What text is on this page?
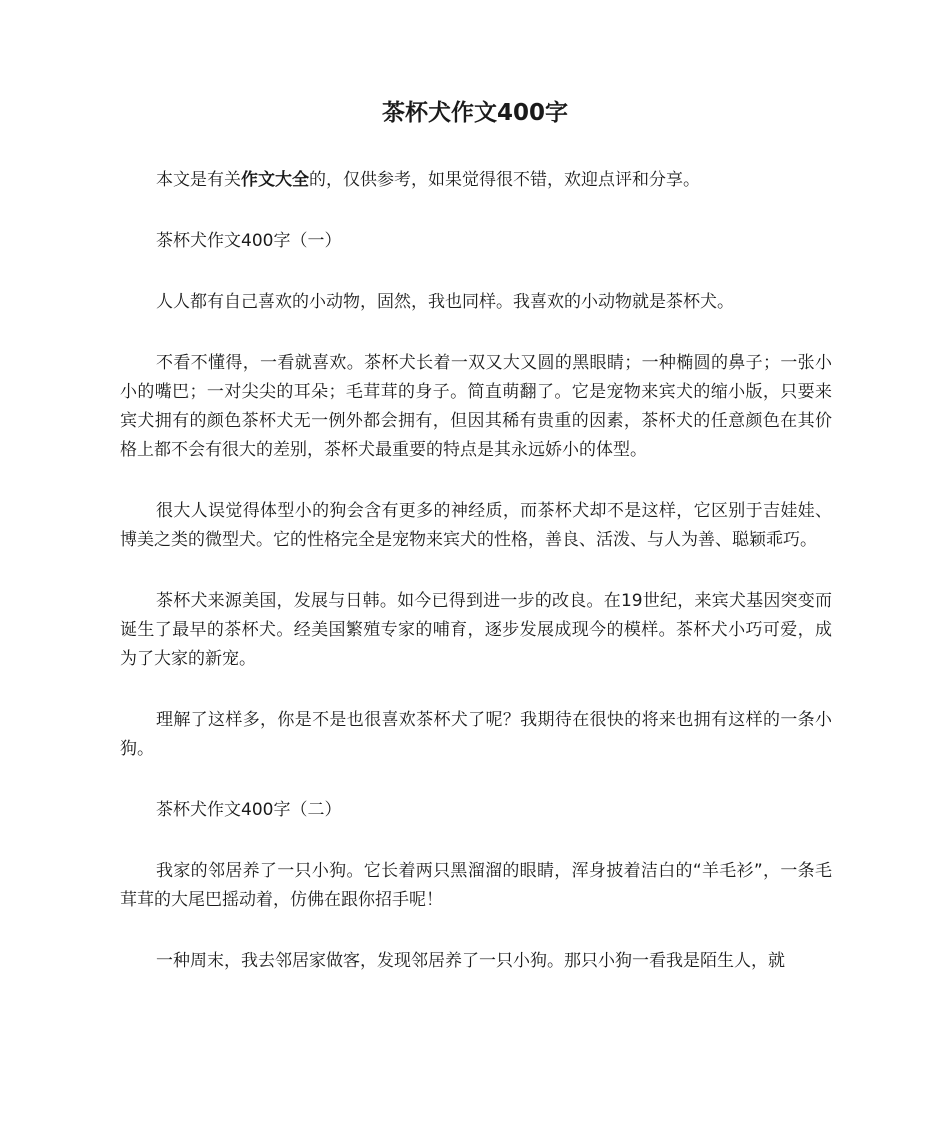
茶杯犬作文400字

本文是有关作文大全的，仅供参考，如果觉得很不错，欢迎点评和分享。

茶杯犬作文400字（一）

人人都有自己喜欢的小动物，固然，我也同样。我喜欢的小动物就是茶杯犬。

不看不懂得，一看就喜欢。茶杯犬长着一双又大又圆的黑眼睛；一种椭圆的鼻子；一张小小的嘴巴；一对尖尖的耳朵；毛茸茸的身子。简直萌翻了。它是宠物来宾犬的缩小版，只要来宾犬拥有的颜色茶杯犬无一例外都会拥有，但因其稀有贵重的因素，茶杯犬的任意颜色在其价格上都不会有很大的差别，茶杯犬最重要的特点是其永远娇小的体型。

很大人误觉得体型小的狗会含有更多的神经质，而茶杯犬却不是这样，它区别于吉娃娃、博美之类的微型犬。它的性格完全是宠物来宾犬的性格，善良、活泼、与人为善、聪颖乖巧。

茶杯犬来源美国，发展与日韩。如今已得到进一步的改良。在19世纪，来宾犬基因突变而诞生了最早的茶杯犬。经美国繁殖专家的哺育，逐步发展成现今的模样。茶杯犬小巧可爱，成为了大家的新宠。

理解了这样多，你是不是也很喜欢茶杯犬了呢？我期待在很快的将来也拥有这样的一条小狗。

茶杯犬作文400字（二）

我家的邻居养了一只小狗。它长着两只黑溜溜的眼睛，浑身披着洁白的“羊毛衫”，一条毛茸茸的大尾巴摇动着，仿佛在跟你招手呢！

一种周末，我去邻居家做客，发现邻居养了一只小狗。那只小狗一看我是陌生人，就
